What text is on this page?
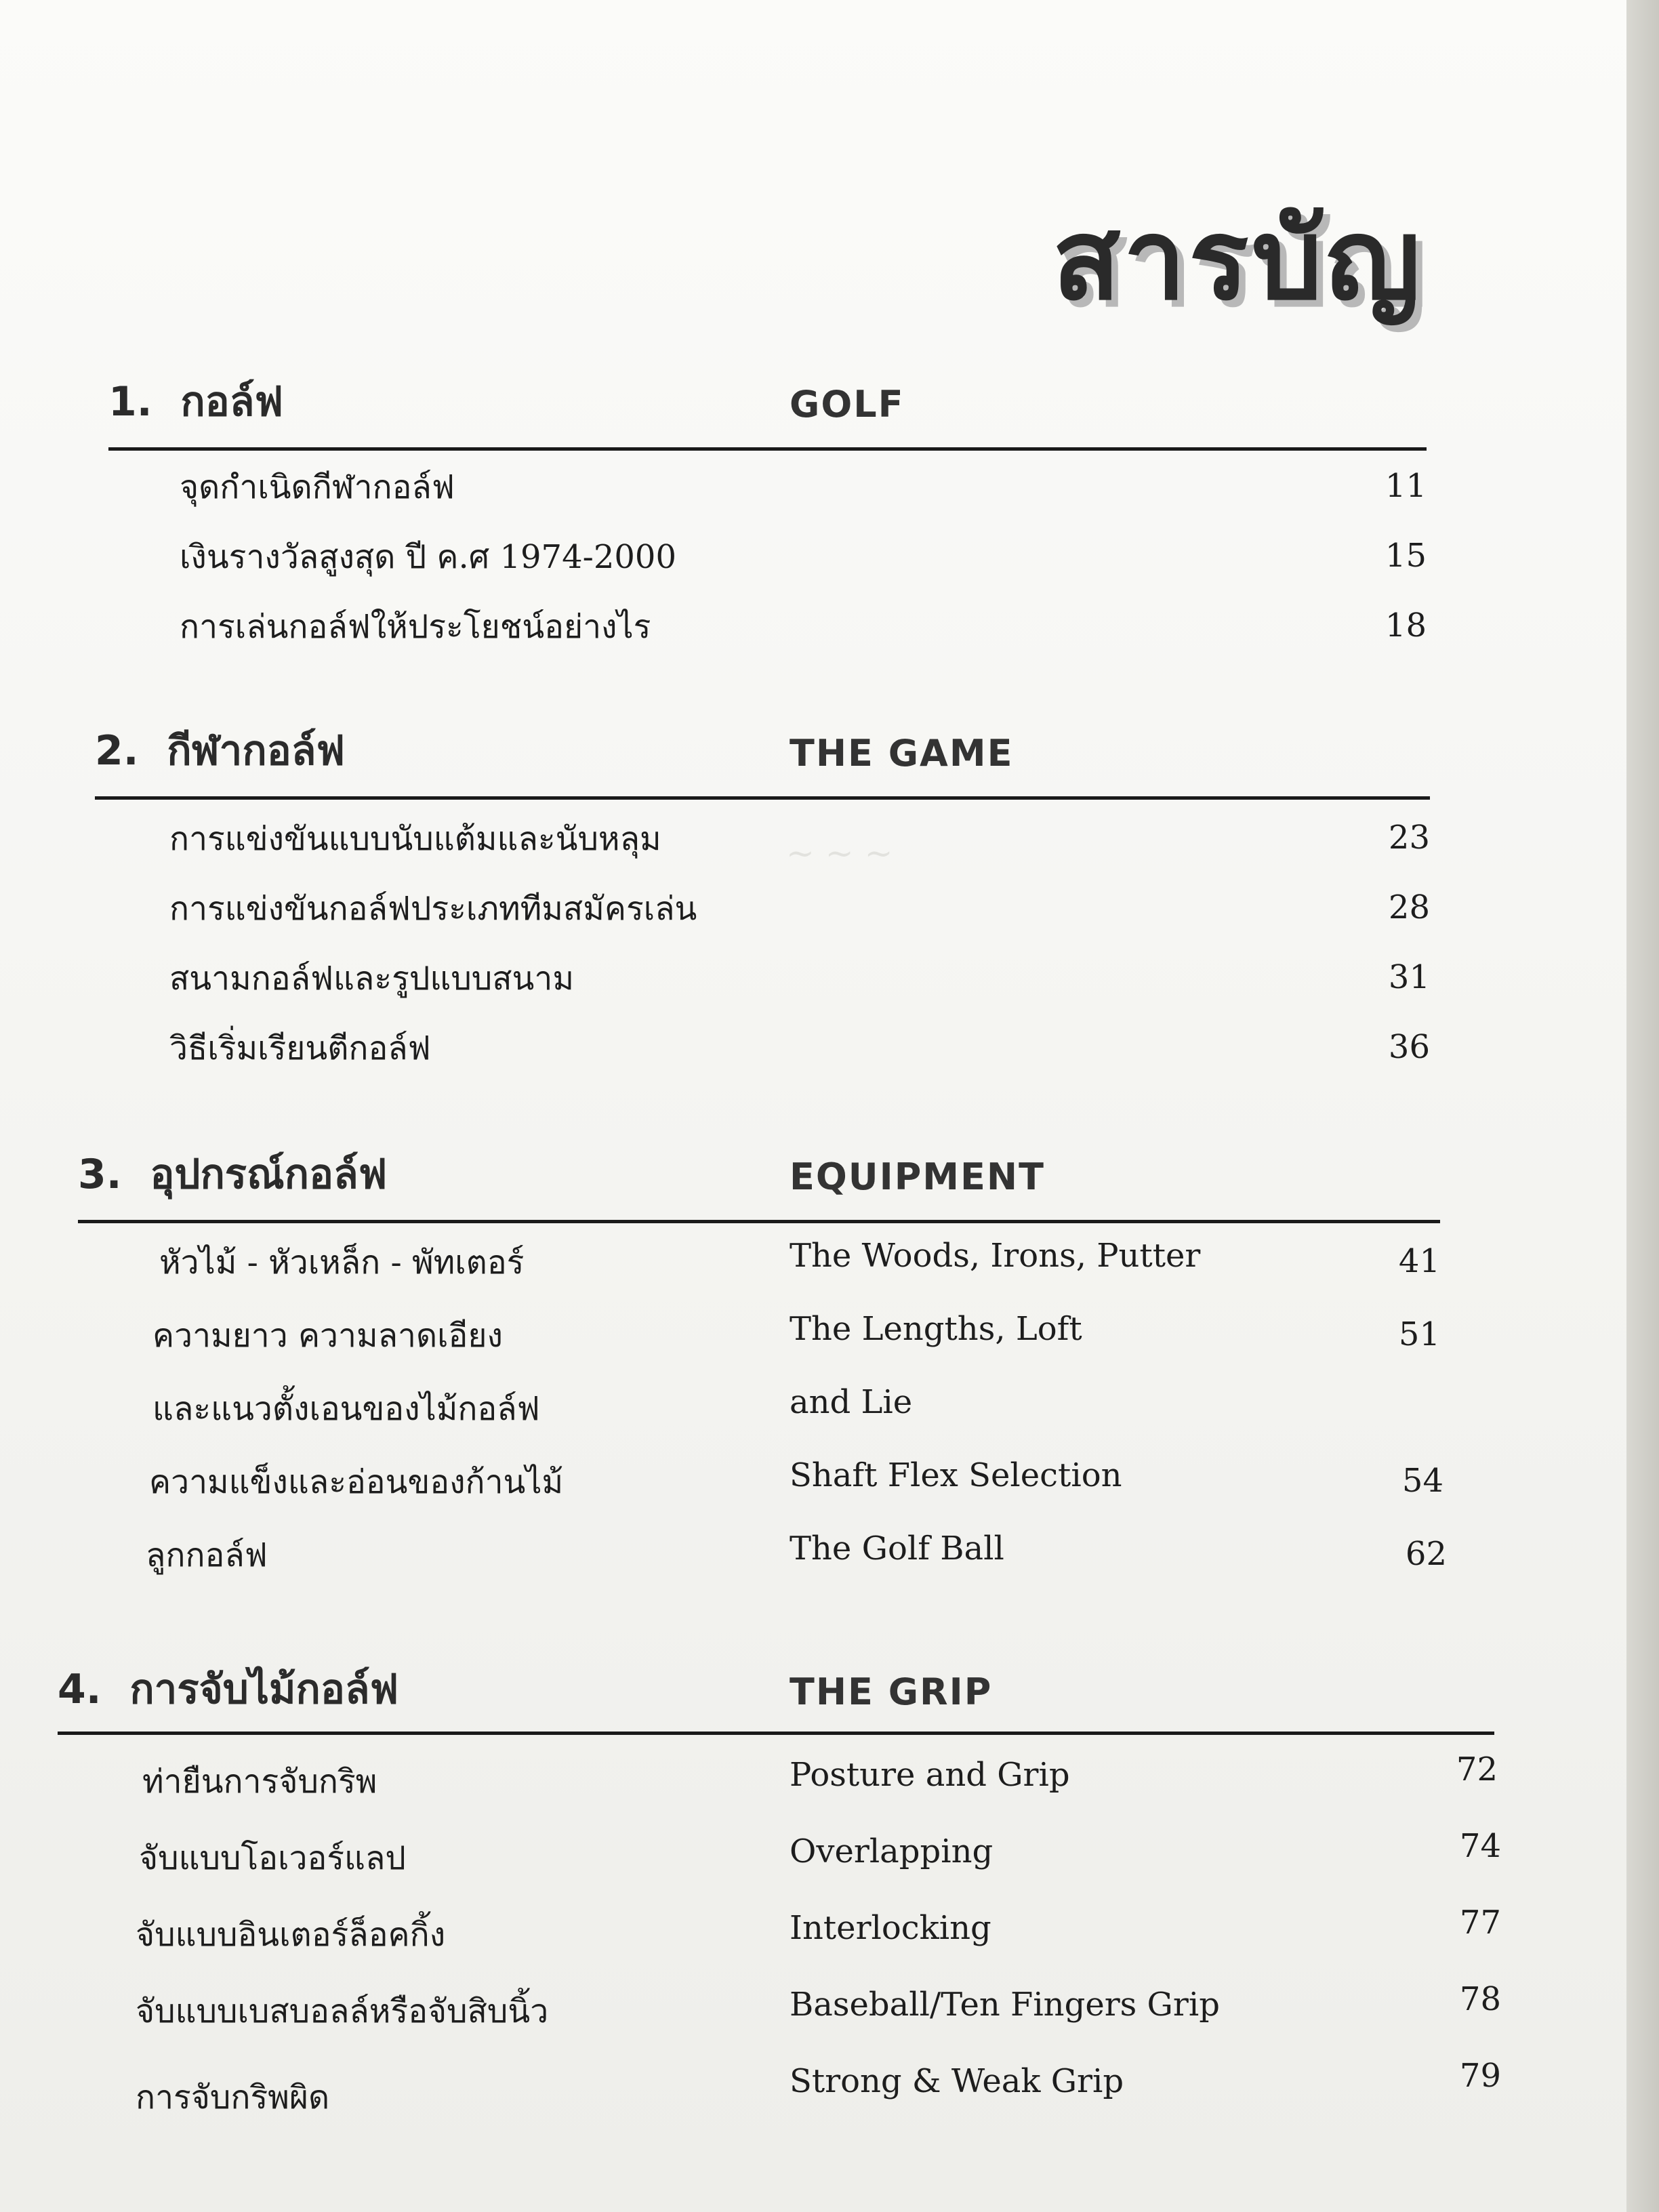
~ ~ ~
สารบัญ
1. กอล์ฟ	GOLF
จุดกำเนิดกีฬากอล์ฟ	11
เงินรางวัลสูงสุด ปี ค.ศ 1974-2000	15
การเล่นกอล์ฟให้ประโยชน์อย่างไร	18
2. กีฬากอล์ฟ	THE GAME
การแข่งขันแบบนับแต้มและนับหลุม	23
การแข่งขันกอล์ฟประเภททีมสมัครเล่น	28
สนามกอล์ฟและรูปแบบสนาม	31
วิธีเริ่มเรียนตีกอล์ฟ	36
3. อุปกรณ์กอล์ฟ	EQUIPMENT
หัวไม้ - หัวเหล็ก - พัทเตอร์	The Woods, Irons, Putter	41
ความยาว ความลาดเอียง	The Lengths, Loft	51
และแนวตั้งเอนของไม้กอล์ฟ	and Lie
ความแข็งและอ่อนของก้านไม้	Shaft Flex Selection	54
ลูกกอล์ฟ	The Golf Ball	62
4. การจับไม้กอล์ฟ	THE GRIP
ท่ายืนการจับกริพ	Posture and Grip	72
จับแบบโอเวอร์แลป	Overlapping	74
จับแบบอินเตอร์ล็อคกิ้ง	Interlocking	77
จับแบบเบสบอลล์หรือจับสิบนิ้ว	Baseball/Ten Fingers Grip	78
การจับกริพผิด	Strong & Weak Grip	79
